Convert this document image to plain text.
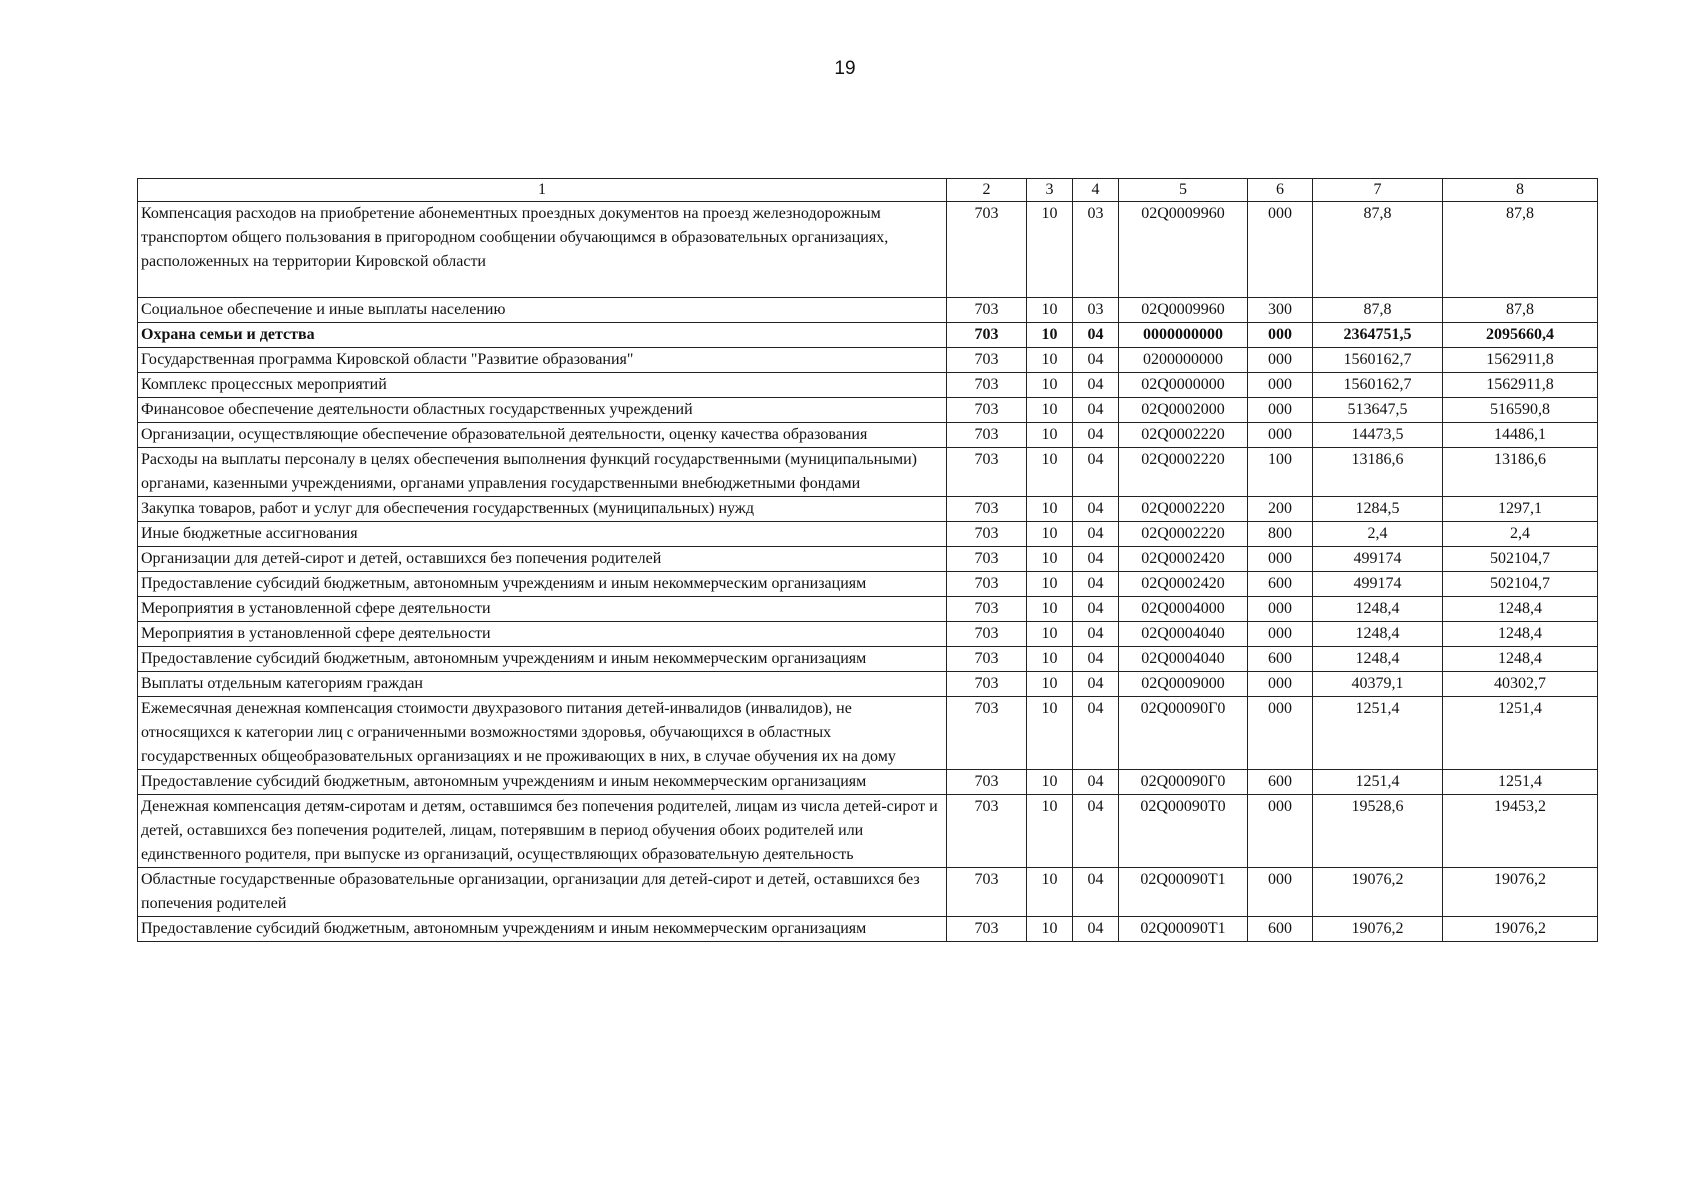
19
1	2	3	4	5	6	7	8
Компенсация расходов на приобретение абонементных проездных документов на проезд железнодорожным транспортом общего пользования в пригородном сообщении обучающимся в образовательных организациях, расположенных на территории Кировской области	703	10	03	02Q0009960	000	87,8	87,8
Социальное обеспечение и иные выплаты населению	703	10	03	02Q0009960	300	87,8	87,8
Охрана семьи и детства	703	10	04	0000000000	000	2364751,5	2095660,4
Государственная программа Кировской области "Развитие образования"	703	10	04	0200000000	000	1560162,7	1562911,8
Комплекс процессных мероприятий	703	10	04	02Q0000000	000	1560162,7	1562911,8
Финансовое обеспечение деятельности областных государственных учреждений	703	10	04	02Q0002000	000	513647,5	516590,8
Организации, осуществляющие обеспечение образовательной деятельности, оценку качества образования	703	10	04	02Q0002220	000	14473,5	14486,1
Расходы на выплаты персоналу в целях обеспечения выполнения функций государственными (муниципальными) органами, казенными учреждениями, органами управления государственными внебюджетными фондами	703	10	04	02Q0002220	100	13186,6	13186,6
Закупка товаров, работ и услуг для обеспечения государственных (муниципальных) нужд	703	10	04	02Q0002220	200	1284,5	1297,1
Иные бюджетные ассигнования	703	10	04	02Q0002220	800	2,4	2,4
Организации для детей-сирот и детей, оставшихся без попечения родителей	703	10	04	02Q0002420	000	499174	502104,7
Предоставление субсидий бюджетным, автономным учреждениям и иным некоммерческим организациям	703	10	04	02Q0002420	600	499174	502104,7
Мероприятия в установленной сфере деятельности	703	10	04	02Q0004000	000	1248,4	1248,4
Мероприятия в установленной сфере деятельности	703	10	04	02Q0004040	000	1248,4	1248,4
Предоставление субсидий бюджетным, автономным учреждениям и иным некоммерческим организациям	703	10	04	02Q0004040	600	1248,4	1248,4
Выплаты отдельным категориям граждан	703	10	04	02Q0009000	000	40379,1	40302,7
Ежемесячная денежная компенсация стоимости двухразового питания детей-инвалидов (инвалидов), не относящихся к категории лиц с ограниченными возможностями здоровья, обучающихся в областных государственных общеобразовательных организациях и не проживающих в них, в случае обучения их на дому	703	10	04	02Q00090Г0	000	1251,4	1251,4
Предоставление субсидий бюджетным, автономным учреждениям и иным некоммерческим организациям	703	10	04	02Q00090Г0	600	1251,4	1251,4
Денежная компенсация детям-сиротам и детям, оставшимся без попечения родителей, лицам из числа детей-сирот и детей, оставшихся без попечения родителей, лицам, потерявшим в период обучения обоих родителей или единственного родителя, при выпуске из организаций, осуществляющих образовательную деятельность	703	10	04	02Q00090T0	000	19528,6	19453,2
Областные государственные образовательные организации, организации для детей-сирот и детей, оставшихся без попечения родителей	703	10	04	02Q00090T1	000	19076,2	19076,2
Предоставление субсидий бюджетным, автономным учреждениям и иным некоммерческим организациям	703	10	04	02Q00090T1	600	19076,2	19076,2
